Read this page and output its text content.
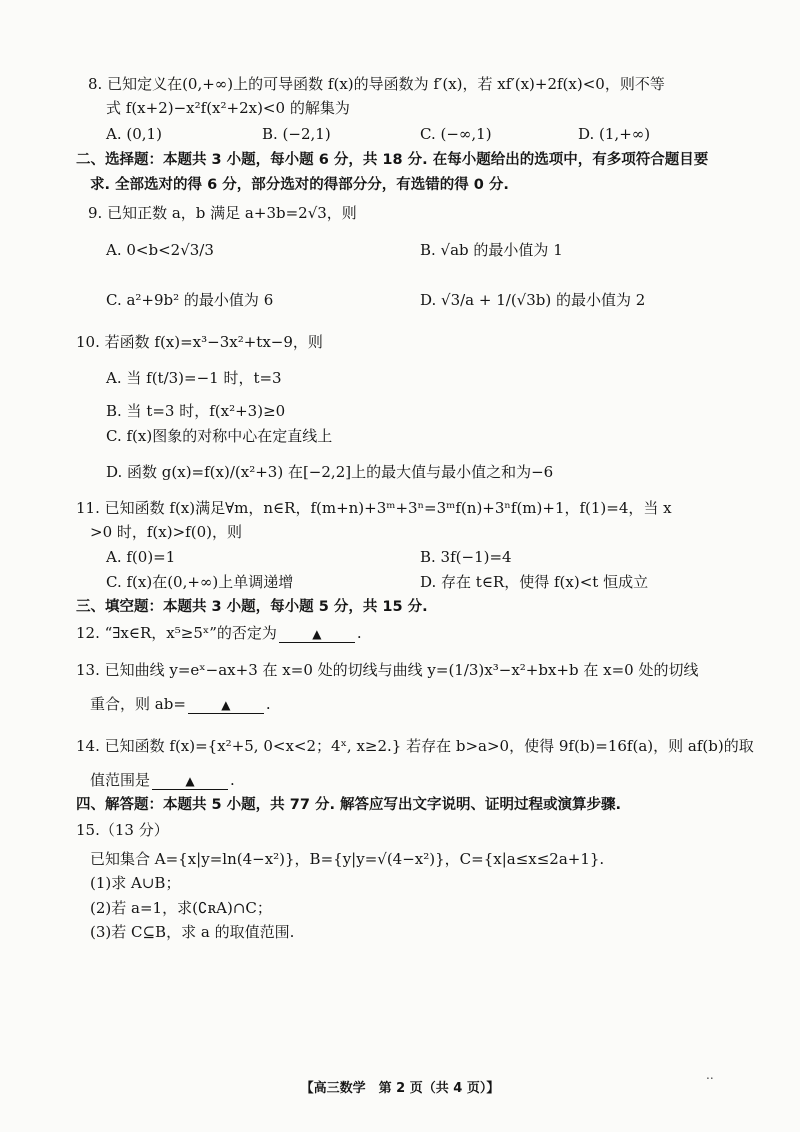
8. 已知定义在(0,+∞)上的可导函数 f(x)的导函数为 f′(x)，若 xf′(x)+2f(x)<0，则不等
式 f(x+2)−x²f(x²+2x)<0 的解集为
A. (0,1)	B. (−2,1)	C. (−∞,1)	D. (1,+∞)
二、选择题：本题共 3 小题，每小题 6 分，共 18 分. 在每小题给出的选项中，有多项符合题目要
求. 全部选对的得 6 分，部分选对的得部分分，有选错的得 0 分.
9. 已知正数 a，b 满足 a+3b=2√3，则
A. 0<b<2√3/3	B. √ab 的最小值为 1
C. a²+9b² 的最小值为 6	D. √3/a + 1/(√3b) 的最小值为 2
10. 若函数 f(x)=x³−3x²+tx−9，则
A. 当 f(t/3)=−1 时，t=3
B. 当 t=3 时，f(x²+3)≥0
C. f(x)图象的对称中心在定直线上
D. 函数 g(x)=f(x)/(x²+3) 在[−2,2]上的最大值与最小值之和为−6
11. 已知函数 f(x)满足∀m，n∈R，f(m+n)+3ᵐ+3ⁿ=3ᵐf(n)+3ⁿf(m)+1，f(1)=4，当 x
>0 时，f(x)>f(0)，则
A. f(0)=1	B. 3f(−1)=4
C. f(x)在(0,+∞)上单调递增	D. 存在 t∈R，使得 f(x)<t 恒成立
三、填空题：本题共 3 小题，每小题 5 分，共 15 分.
12. “∃x∈R，x⁵≥5ˣ”的否定为	▲ .
13. 已知曲线 y=eˣ−ax+3 在 x=0 处的切线与曲线 y=(1/3)x³−x²+bx+b 在 x=0 处的切线
重合，则 ab=	▲ .
14. 已知函数 f(x)={x²+5, 0<x<2；4ˣ, x≥2.} 若存在 b>a>0，使得 9f(b)=16f(a)，则 af(b)的取
值范围是	▲ .
四、解答题：本题共 5 小题，共 77 分. 解答应写出文字说明、证明过程或演算步骤.
15.（13 分）
已知集合 A={x|y=ln(4−x²)}，B={y|y=√(4−x²)}，C={x|a≤x≤2a+1}.
(1)求 A∪B；
(2)若 a=1，求(∁ʀA)∩C；
(3)若 C⊆B，求 a 的取值范围.
..
【高三数学　第 2 页（共 4 页）】
